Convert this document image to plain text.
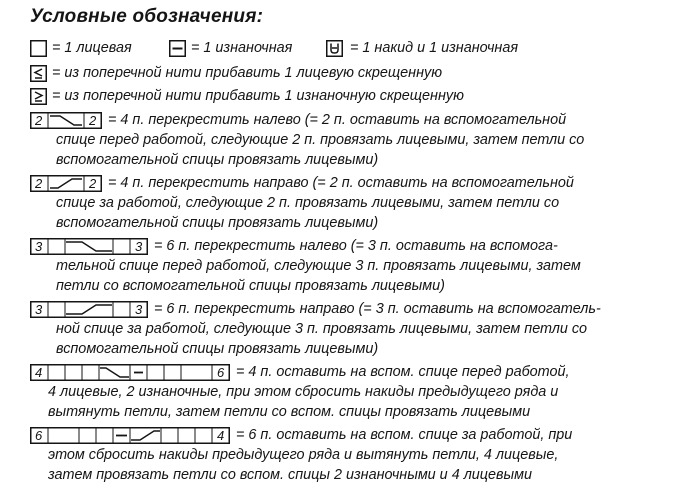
Условные обозначения:
= 1 лицевая	= 1 изнаночная	= 1 накид и 1 изнаночная
= из поперечной нити прибавить 1 лицевую скрещенную
= из поперечной нити прибавить 1 изнаночную скрещенную
2	2 = 4 п. перекрестить налево (= 2 п. оставить на вспомогательной
спице перед работой, следующие 2 п. провязать лицевыми, затем петли со
вспомогательной спицы провязать лицевыми)
2	2 = 4 п. перекрестить направо (= 2 п. оставить на вспомогательной
спице за работой, следующие 2 п. провязать лицевыми, затем петли со
вспомогательной спицы провязать лицевыми)
3	3 = 6 п. перекрестить налево (= 3 п. оставить на вспомога-
тельной спице перед работой, следующие 3 п. провязать лицевыми, затем
петли со вспомогательной спицы провязать лицевыми)
3	3 = 6 п. перекрестить направо (= 3 п. оставить на вспомогатель-
ной спице за работой, следующие 3 п. провязать лицевыми, затем петли со
вспомогательной спицы провязать лицевыми)
4	6 = 4 п. оставить на вспом. спице перед работой,
4 лицевые, 2 изнаночные, при этом сбросить накиды предыдущего ряда и
вытянуть петли, затем петли со вспом. спицы провязать лицевыми
6	4 = 6 п. оставить на вспом. спице за работой, при
этом сбросить накиды предыдущего ряда и вытянуть петли, 4 лицевые,
затем провязать петли со вспом. спицы 2 изнаночными и 4 лицевыми
